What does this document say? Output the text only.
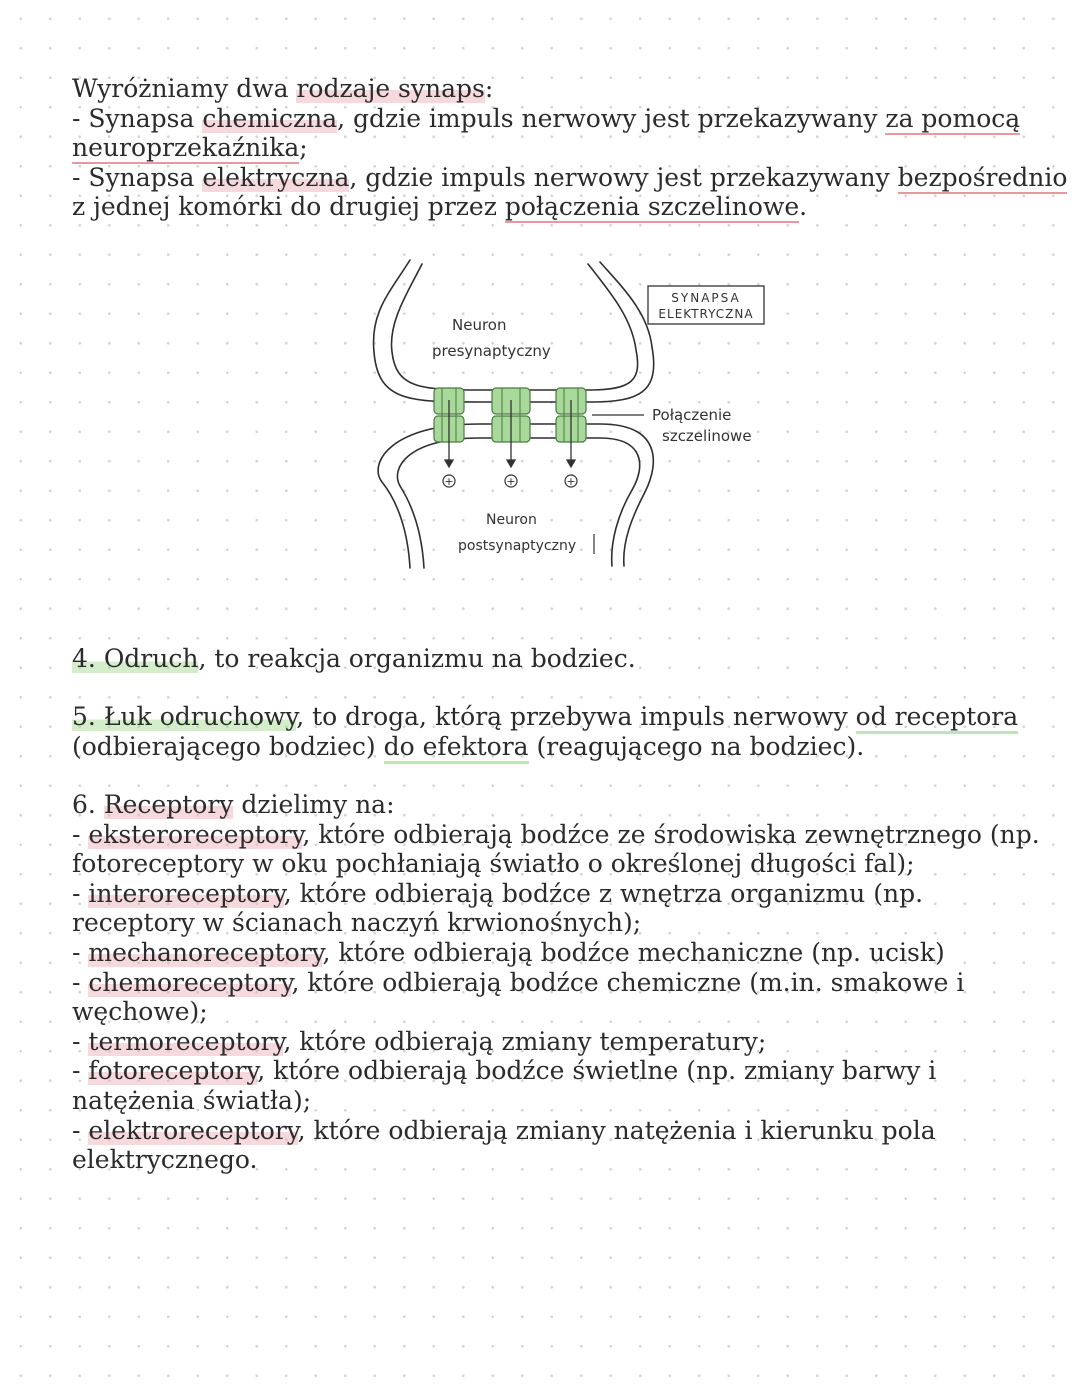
Wyróżniamy dwa rodzaje synaps:
- Synapsa chemiczna, gdzie impuls nerwowy jest przekazywany za pomocą
neuroprzekaźnika;
- Synapsa elektryczna, gdzie impuls nerwowy jest przekazywany bezpośrednio
z jednej komórki do drugiej przez połączenia szczelinowe.
+	+	+
Neuron
presynaptyczny
Neuron
postsynaptyczny
Połączenie
szczelinowe
SYNAPSA
ELEKTRYCZNA
4. Odruch, to reakcja organizmu na bodziec.
5. Łuk odruchowy, to droga, którą przebywa impuls nerwowy od receptora
(odbierającego bodziec) do efektora (reagującego na bodziec).
6. Receptory dzielimy na:
- eksteroreceptory, które odbierają bodźce ze środowiska zewnętrznego (np.
fotoreceptory w oku pochłaniają światło o określonej długości fal);
- interoreceptory, które odbierają bodźce z wnętrza organizmu (np.
receptory w ścianach naczyń krwionośnych);
- mechanoreceptory, które odbierają bodźce mechaniczne (np. ucisk)
- chemoreceptory, które odbierają bodźce chemiczne (m.in. smakowe i
węchowe);
- termoreceptory, które odbierają zmiany temperatury;
- fotoreceptory, które odbierają bodźce świetlne (np. zmiany barwy i
natężenia światła);
- elektroreceptory, które odbierają zmiany natężenia i kierunku pola
elektrycznego.
